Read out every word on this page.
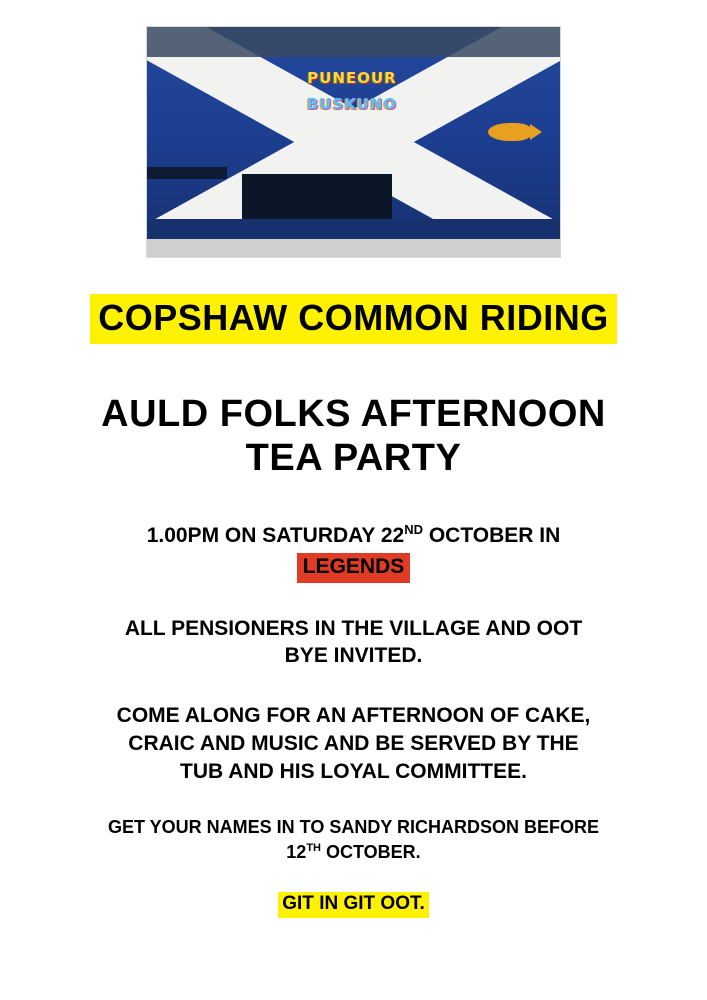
PUNEOUR
BUSKUNO
COPSHAW COMMON RIDING
AULD FOLKS AFTERNOON
TEA PARTY
1.00PM ON SATURDAY 22ND OCTOBER IN
LEGENDS
ALL PENSIONERS IN THE VILLAGE AND OOT
BYE INVITED.
COME ALONG FOR AN AFTERNOON OF CAKE,
CRAIC AND MUSIC AND BE SERVED BY THE
TUB AND HIS LOYAL COMMITTEE.
GET YOUR NAMES IN TO SANDY RICHARDSON BEFORE
12TH OCTOBER.
GIT IN GIT OOT.
